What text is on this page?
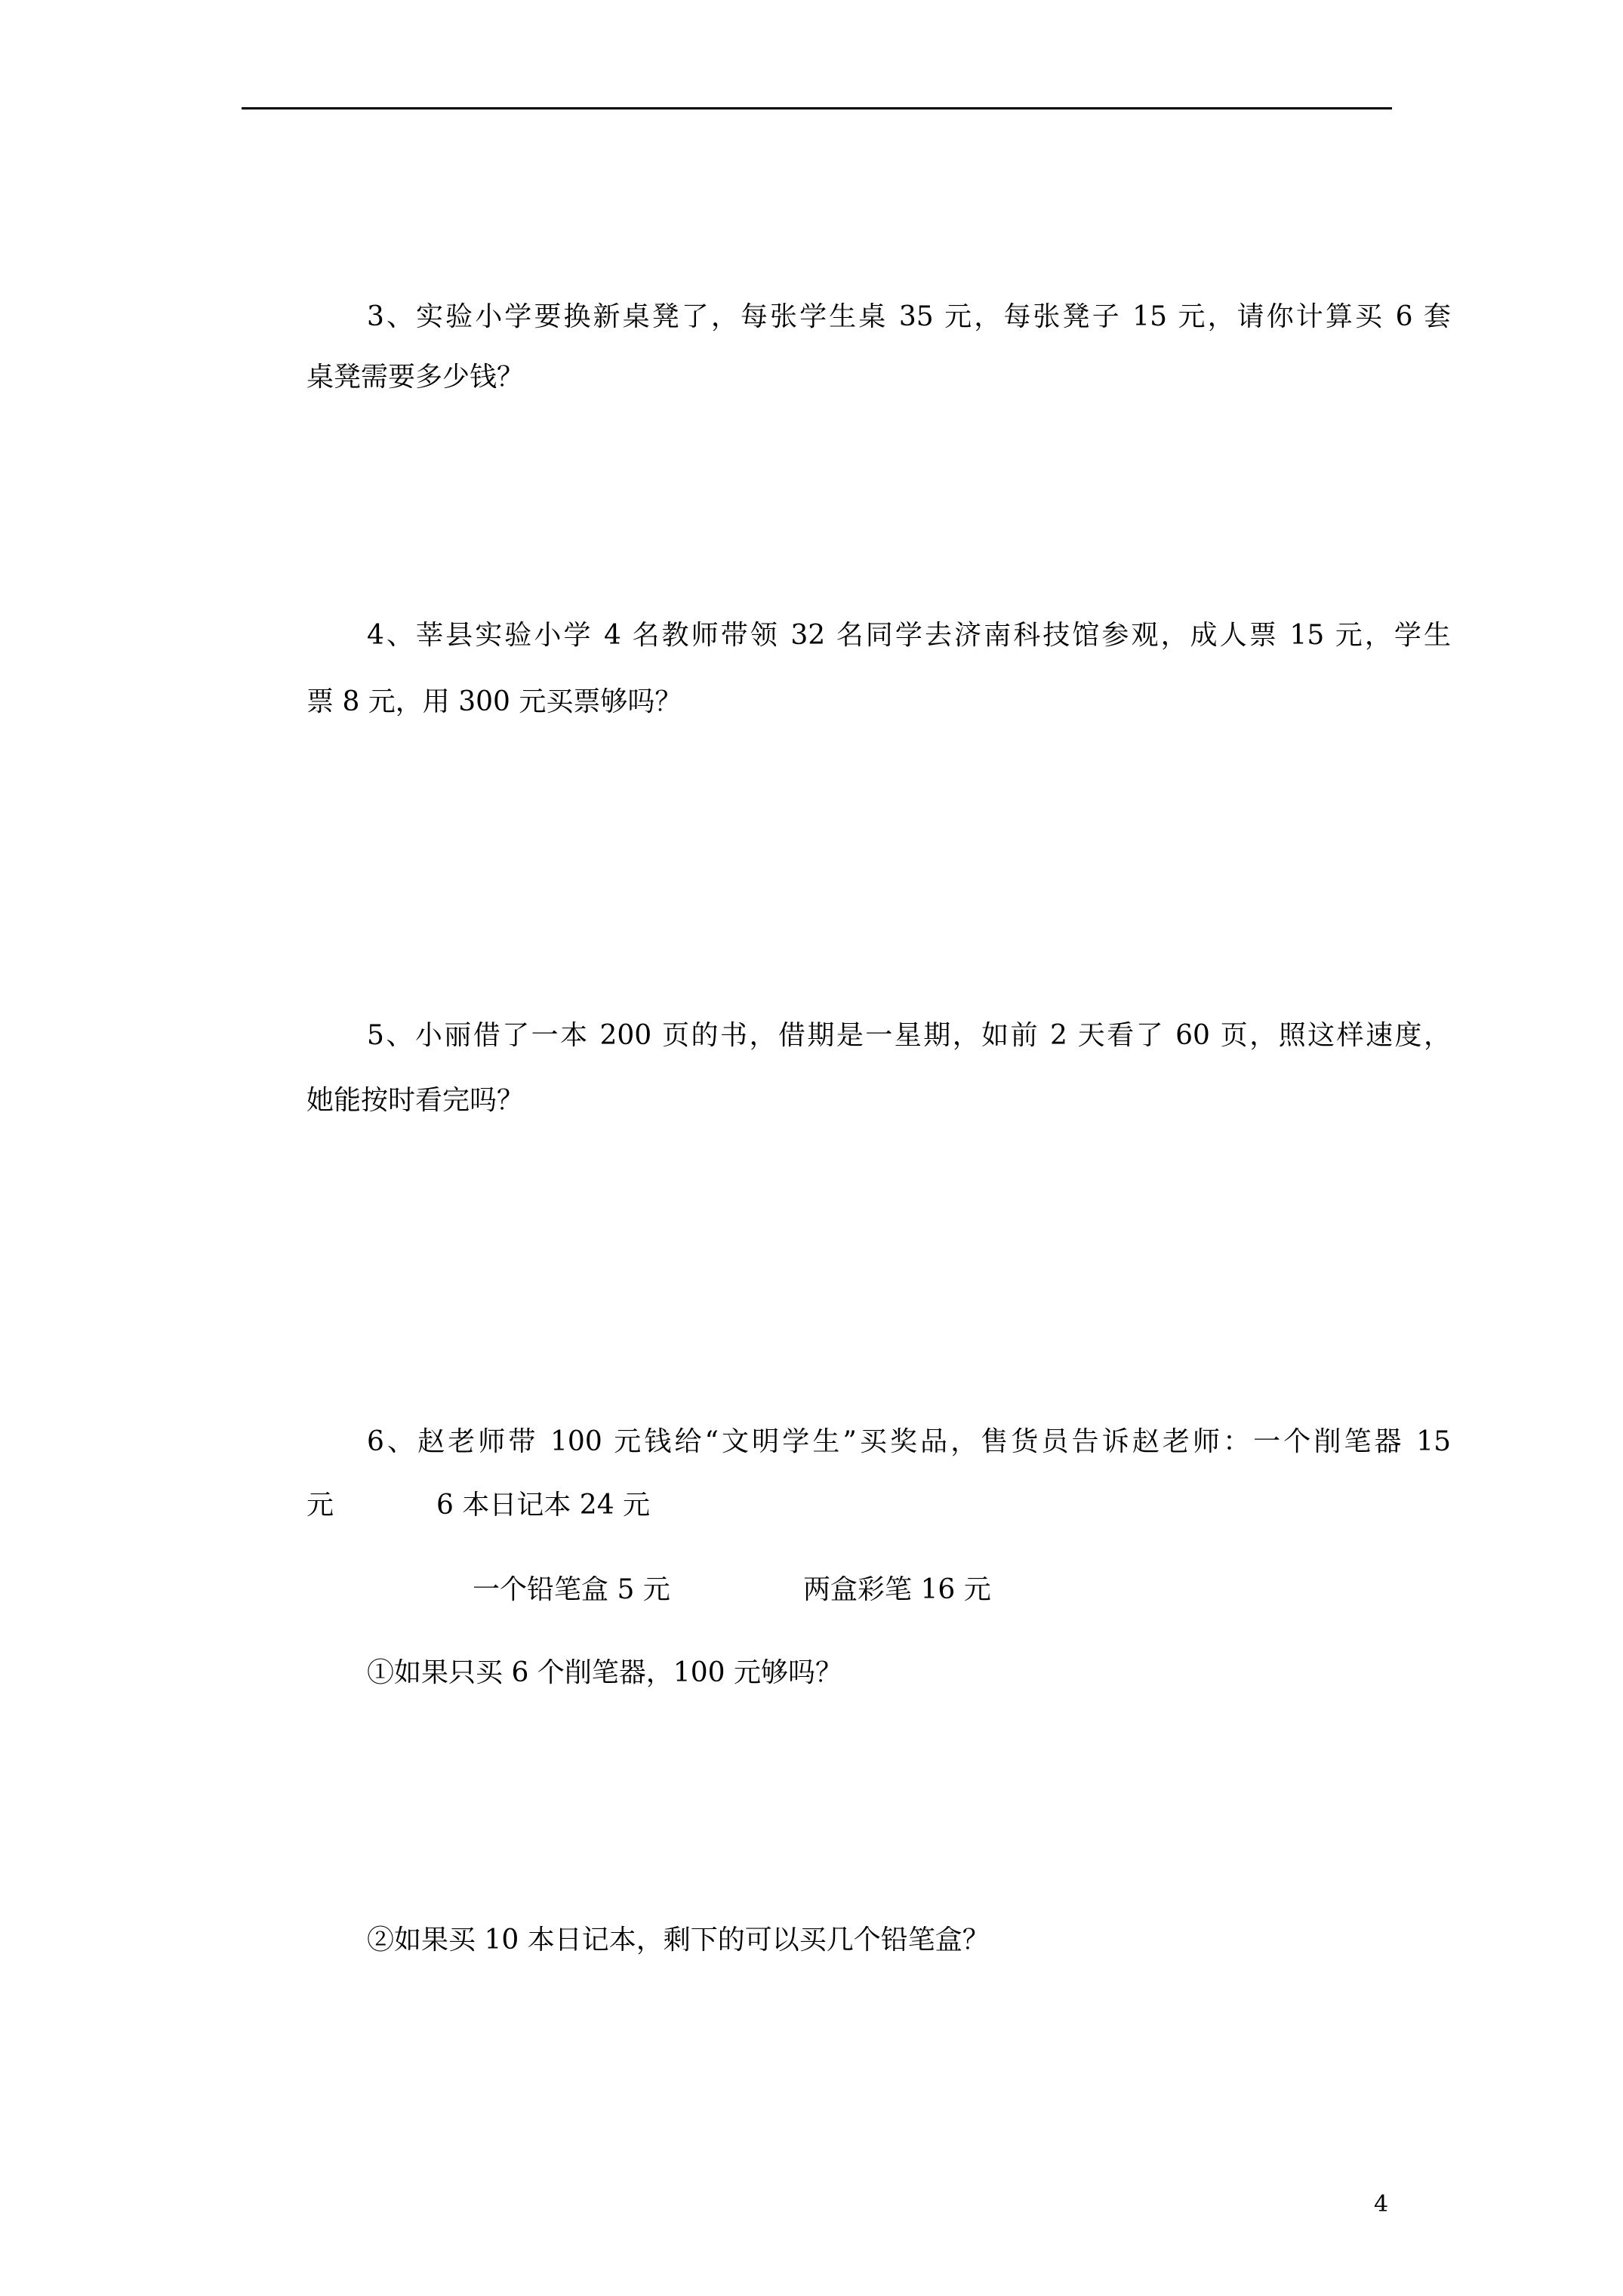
3、实验小学要换新桌凳了，每张学生桌 35 元，每张凳子 15 元，请你计算买 6 套
桌凳需要多少钱？
4、莘县实验小学 4 名教师带领 32 名同学去济南科技馆参观，成人票 15 元，学生
票 8 元，用 300 元买票够吗？
5、小丽借了一本 200 页的书，借期是一星期，如前 2 天看了 60 页，照这样速度，
她能按时看完吗？
6、赵老师带 100 元钱给“文明学生”买奖品，售货员告诉赵老师：一个削笔器 15
元	6 本日记本 24 元
一个铅笔盒 5 元	两盒彩笔 16 元
①如果只买 6 个削笔器，100 元够吗？
②如果买 10 本日记本，剩下的可以买几个铅笔盒？
4
